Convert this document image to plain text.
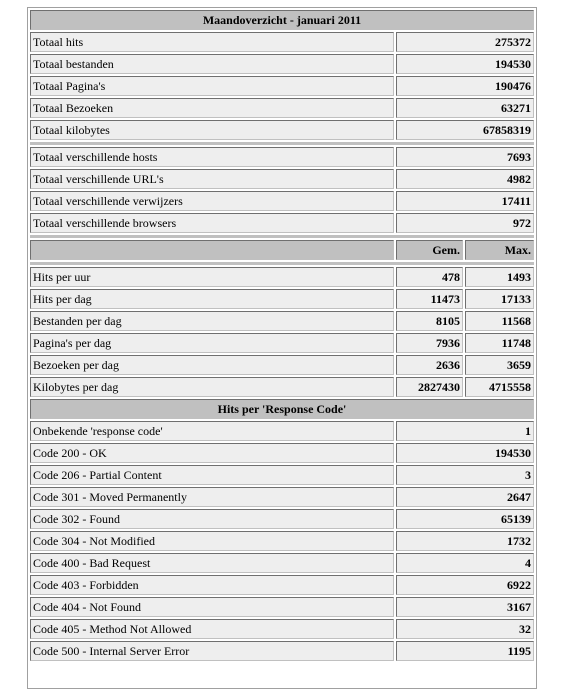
Maandoverzicht - januari 2011		
Totaal hits	275372	
Totaal bestanden	194530	
Totaal Pagina's	190476	
Totaal Bezoeken	63271	
Totaal kilobytes	67858319	

Totaal verschillende hosts	7693	
Totaal verschillende URL's	4982	
Totaal verschillende verwijzers	17411	
Totaal verschillende browsers	972	

	Gem.	Max.

Hits per uur	478	1493
Hits per dag	11473	17133
Bestanden per dag	8105	11568
Pagina's per dag	7936	11748
Bezoeken per dag	2636	3659
Kilobytes per dag	2827430	4715558
Hits per 'Response Code'		
Onbekende 'response code'	1	
Code 200 - OK	194530	
Code 206 - Partial Content	3	
Code 301 - Moved Permanently	2647	
Code 302 - Found	65139	
Code 304 - Not Modified	1732	
Code 400 - Bad Request	4	
Code 403 - Forbidden	6922	
Code 404 - Not Found	3167	
Code 405 - Method Not Allowed	32	
Code 500 - Internal Server Error	1195	
